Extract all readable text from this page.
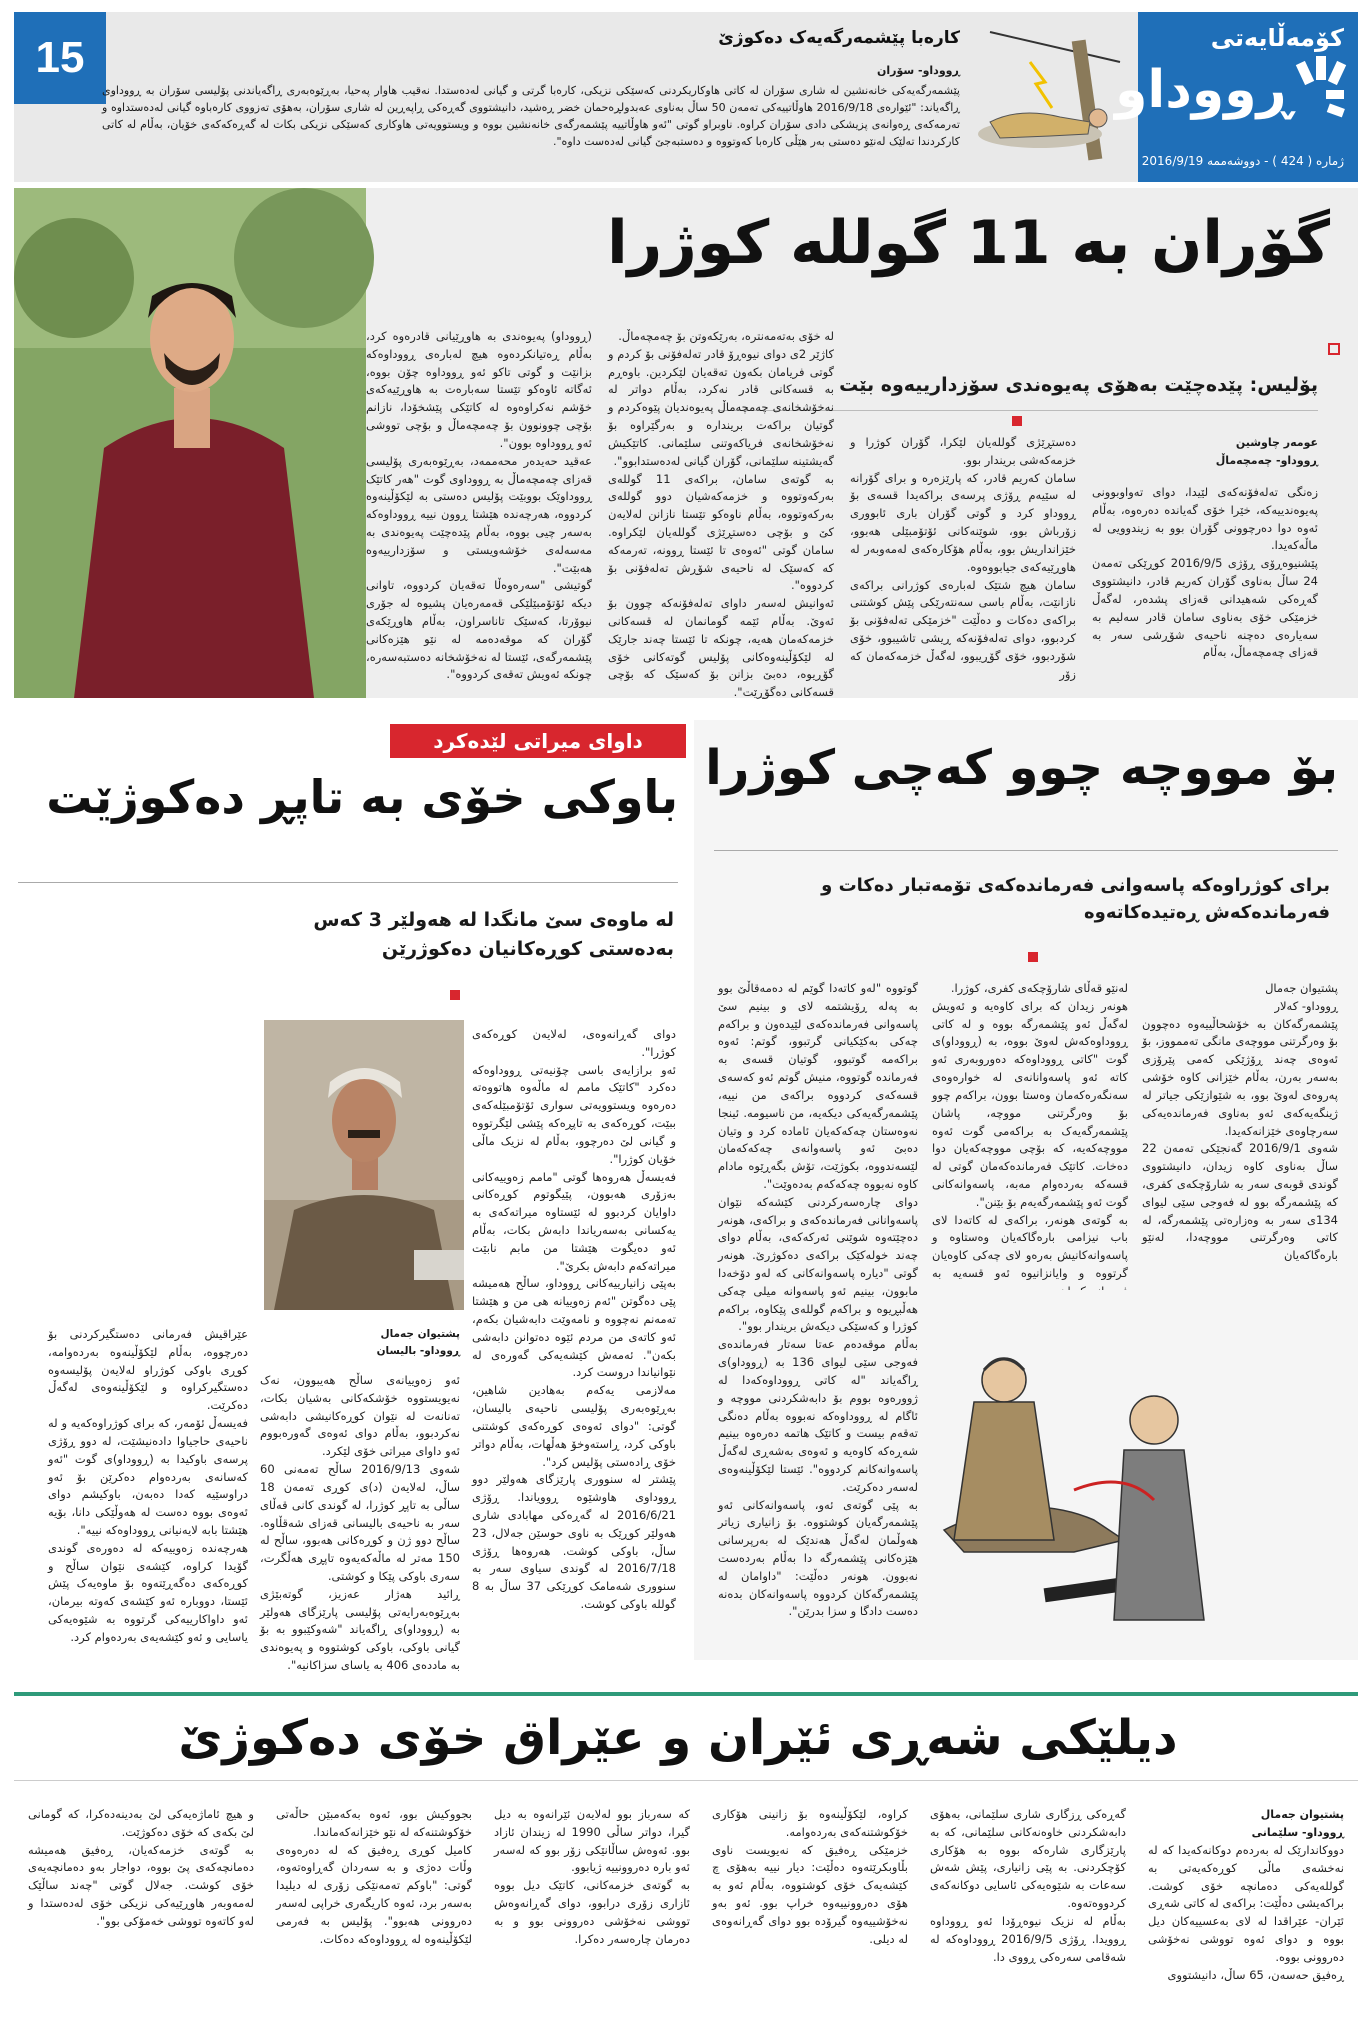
15	کارەبا پێشمەرگەیەک دەکوژێ
ڕووداو- سۆران
پێشمەرگەیەکی خانەنشین لە شاری سۆران لە کاتی هاوکاریکردنی کەسێکی نزیکی، کارەبا گرتی و گیانی لەدەستدا. نەقیب هاوار پەحیا، بەڕێوەبەری ڕاگەیاندنی پۆلیسی سۆران بە ڕووداوی ڕاگەیاند: "ئێوارەی 2016/9/18 هاوڵاتییەکی تەمەن 50 ساڵ بەناوی عەبدولڕەحمان خضر ڕەشید، دانیشتووی گەڕەکی ڕاپەڕین لە شاری سۆران، بەهۆی تەزووی کارەباوە گیانی لەدەستداوە و تەرمەکەی ڕەوانەی پزیشکی دادی سۆران کراوە. ناوبراو گوتی "ئەو هاوڵاتییە پێشمەرگەی خانەنشین بووە و ویستوویەتی هاوکاری کەسێکی نزیکی بکات لە گەڕەکەکەی خۆیان، بەڵام لە کاتی کارکردندا تەلێک لەنێو دەستی بەر هێڵی کارەبا کەوتووە و دەستبەجێ گیانی لەدەست داوە".
کۆمەڵایەتی
ڕووداو
ژمارە ( 424 ) - دووشەممە 2016/9/19
گۆران بە 11 گوللە کوژرا
پۆلیس: پێدەچێت بەهۆی پەیوەندی سۆزدارییەوە بێت
عومەر چاوشین
ڕووداو- چەمچەماڵ
زەنگی تەلەفۆنەکەی لێیدا، دوای تەواوبوونی پەیوەندییەکە، خێرا خۆی گەیاندە دەرەوە، بەڵام ئەوە دوا دەرچوونی گۆران بوو بە زیندوویی لە ماڵەکەیدا.
پێشنیوەڕۆی ڕۆژی 2016/9/5 کوڕێکی تەمەن 24 ساڵ بەناوی گۆران کەریم قادر، دانیشتووی گەڕەکی شەهیدانی قەزای پشدەر، لەگەڵ خزمێکی خۆی بەناوی سامان قادر سەلیم بە سەیارەی دەچنە ناحیەی شۆڕشی سەر بە قەزای چەمچەماڵ، بەڵام
دەستڕێژی گوللەیان لێکرا، گۆران کوژرا و خزمەکەشی بریندار بوو.
سامان کەریم قادر، کە پارێزەرە و برای گۆرانە لە سێیەم ڕۆژی پرسەی براکەیدا قسەی بۆ ڕووداو کرد و گوتی گۆران باری ئابووری زۆرباش بوو، شوێنەکانی ئۆتۆمبێلی هەبوو، خێزانداریش بوو، بەڵام هۆکارەکەی لەمەوبەر لە هاوڕێیەکەی جیابووەوە.
سامان هیچ شتێک لەبارەی کوژرانی براکەی نازانێت، بەڵام باسی سەنتەرێکی پێش کوشتنی براکەی دەکات و دەڵێت "خزمێکی تەلەفۆنی بۆ کردبوو، دوای تەلەفۆنەکە ڕیشی تاشیبوو، خۆی شۆردبوو، خۆی گۆڕیبوو، لەگەڵ خزمەکەمان کە زۆر
لە خۆی بەتەمەنترە، بەرێکەوتن بۆ چەمچەماڵ.
کاژێر 2ی دوای نیوەڕۆ قادر تەلەفۆنی بۆ کردم و گوتی فریامان بکەون تەقەیان لێکردین. باوەڕم بە قسەکانی قادر نەکرد، بەڵام دواتر لە نەخۆشخانەی چەمچەماڵ پەیوەندیان پێوەکردم و گوتیان براکەت بریندارە و بەرگێراوە بۆ نەخۆشخانەی فریاکەوتنی سلێمانی. کاتێکیش گەیشتینە سلێمانی، گۆران گیانی لەدەستدابوو".
بە گوتەی سامان، براکەی 11 گوللەی بەرکەوتووە و خزمەکەشیان دوو گوللەی بەرکەوتووە، بەڵام ناوەکو تێستا نازانن لەلایەن کێ و بۆچی دەستڕێژی گوللەیان لێکراوە. سامان گوتی "ئەوەی تا ئێستا ڕوونە، تەرمەکە کە کەسێک لە ناحیەی شۆڕش تەلەفۆنی بۆ کردووە".
ئەوانیش لەسەر داوای تەلەفۆنەکە چوون بۆ ئەوێ. بەڵام ئێمە گومانمان لە قسەکانی خزمەکەمان هەیە، چونکە تا ئێستا چەند جارێک لە لێکۆڵینەوەکانی پۆلیس گوتەکانی خۆی گۆڕیوە، دەبێ بزانن بۆ کەسێک کە بۆچی قسەکانی دەگۆڕێت".
(ڕووداو) پەیوەندی بە هاوڕێیانی قادرەوە کرد، بەڵام ڕەتیانکردەوە هیچ لەبارەی ڕووداوەکە بزانێت و گوتی تاکو ئەو ڕووداوە چۆن بووە، ئەگاتە ئاوەکو تێستا سەبارەت بە هاوڕێیەکەی خۆشم نەکراوەوە لە کاتێکی پێشخۆدا، نازانم بۆچی چوونوون بۆ چەمچەماڵ و بۆچی تووشی ئەو ڕووداوە بوون".
عەقید حەیدەر محەممەد، بەڕێوەبەری پۆلیسی قەزای چەمچەماڵ بە ڕووداوی گوت "هەر کاتێک ڕووداوێک بووبێت پۆلیس دەستی بە لێکۆڵینەوە کردووە، هەرچەندە هێشتا ڕوون نییە ڕووداوەکە بەسەر چیی بووە، بەڵام پێدەچێت پەیوەندی بە مەسەلەی خۆشەویستی و سۆزدارییەوە هەبێت".
گوتیشی "سەرەوەڵا تەقەیان کردووە، تاوانی دیکە ئۆتۆمبێلێکی قەمەرەیان پشیوە لە جۆری نیوۆرتا، کەسێک تاناسراون، بەڵام هاوڕێکەی گۆران کە موقەدەمە لە نێو هێزەکانی پێشمەرگەی، ئێستا لە نەخۆشخانە دەستبەسەرە، چونکە ئەویش تەقەی کردووە".
داوای میراتی لێدەکرد
باوکی خۆی بە تاپڕ دەکوژێت
لە ماوەی سێ مانگدا لە هەولێر 3 کەس بەدەستی کوڕەکانیان دەکوژرێن
پشتیوان جەمال
ڕووداو- بالیسان
ئەو زەوییانەی ساڵح هەیبوون، نەک نەیویستووە خۆشکەکانی بەشیان بکات، تەنانەت لە نێوان کوڕەکانیشی دابەشی نەکردبوو، بەڵام دوای ئەوەی گەورەبووم ئەو داوای میراتی خۆی لێکرد.
شەوی 2016/9/13 ساڵح تەمەنی 60 ساڵ، لەلایەن (د)ی کوڕی تەمەن 18 ساڵی بە تاپڕ کوژرا، لە گوندی کانی قەڵای سەر بە ناحیەی بالیسانی قەزای شەقڵاوە. ساڵح دوو ژن و کوڕەکانی هەبوو، ساڵح لە 150 مەتر لە ماڵەکەیەوە تاپڕی هەڵگرت، سەری باوکی پێکا و کوشتی.
ڕائید هەژار عەزیز، گوتەبێژی بەڕێوەبەرایەتی پۆلیسی پارێزگای هەولێر بە (ڕووداو)ی ڕاگەیاند "شەوکێبوو بە بۆ گیانی باوکی، باوکی کوشتووە و پەیوەندی بە ماددەی 406 بە یاسای سزاکانیە".
عێراقیش فەرمانی دەستگیرکردنی بۆ دەرچووە، بەڵام لێکۆڵینەوە بەردەوامە، کوڕی باوکی کوژراو لەلایەن پۆلیسەوە دەستگیرکراوە و لێکۆڵینەوەی لەگەڵ دەکرێت.
فەیسەڵ ئۆمەر، کە برای کوژراوەکەیە و لە ناحیەی حاجیاوا دادەنیشێت، لە دوو ڕۆژی پرسەی باوکیدا بە (ڕووداو)ی گوت "ئەو کەسانەی بەردەوام دەکرێن بۆ ئەو دراوسێیە کەدا دەبەن، باوکیشم دوای ئەوەی بووە دەست لە هەوڵێکی دانا، بۆیە هێشتا بابە لایەنیانی ڕووداوەکە نییە".
هەرچەندە زەوییەکە لە دەورەی گوندی گۆیدا کراوە، کێشەی نێوان ساڵح و کوڕەکەی دەگەڕێتەوە بۆ ماوەیەک پێش ئێستا، دووبارە ئەو کێشەی کەوتە بیرمان، ئەو داواکارییەکی گرتووە بە شێوەیەکی یاسایی و ئەو کێشەیەی بەردەوام کرد.
دوای گەڕانەوەی، لەلایەن کوڕەکەی کوژرا".
ئەو برازایەی باسی چۆنیەتی ڕووداوەکە دەکرد "کاتێک مامم لە ماڵەوە هاتووەتە دەرەوە ویستوویەتی سواری ئۆتۆمبێلەکەی ببێت، کوڕەکەی بە تاپڕەکە پێشی لێگرتووە و گیانی لێ دەرچوو، بەڵام لە نزیک ماڵی خۆیان کوژرا".
فەیسەڵ هەروەها گوتی "مامم زەوییەکانی بەزۆری هەبوون، پێیگوتوم کوڕەکانی داوایان کردبوو لە ئێستاوە میراتەکەی بە یەکسانی بەسەریاندا دابەش بکات، بەڵام ئەو دەیگوت هێشتا من مابم نابێت میراتەکەم دابەش بکرێ".
بەپێی زانیارییەکانی ڕووداو، ساڵح هەمیشە پێی دەگوتن "ئەم زەوییانە هی من و هێشتا تەمەنم نەچووە و نامەوێت دابەشیان بکەم، ئەو کاتەی من مردم ئێوە دەتوانن دابەشی بکەن". ئەمەش کێشەیەکی گەورەی لە نێوانیاندا دروست کرد.
مەلازمی یەکەم بەهادین شاهین، بەڕێوەبەری پۆلیسی ناحیەی بالیسان، گوتی: "دوای ئەوەی کوڕەکەی کوشتنی باوکی کرد، ڕاستەوخۆ هەڵهات، بەڵام دواتر خۆی ڕادەستی پۆلیس کرد".
پێشتر لە سنووری پارێزگای هەولێر دوو ڕووداوی هاوشێوە ڕوویاندا. ڕۆژی 2016/6/21 لە گەڕەکی مهابادی شاری هەولێر کوڕێک بە ناوی حوسێن جەلال، 23 ساڵ، باوکی کوشت. هەروەها ڕۆژی 2016/7/18 لە گوندی سیاوی سەر بە سنووری شەمامک کوڕێکی 37 ساڵ بە 8 گوللە باوکی کوشت.
بۆ مووچە چوو کەچی کوژرا
برای کوژراوەکە پاسەوانی فەرماندەکەی تۆمەتبار دەکات و فەرماندەکەش ڕەتیدەکاتەوە
پشتیوان جەمال
ڕووداو- کەلار
پێشمەرگەکان بە خۆشحاڵییەوە دەچوون بۆ وەرگرتنی مووچەی مانگی تەممووز، بۆ ئەوەی چەند ڕۆژێکی کەمی پێرۆزی بەسەر بەرن، بەڵام خێزانی کاوە خۆشی پەروەی لەوێ بوو، بە شێوازێکی جیاتر لە ژینگەیەکەی ئەو بەناوی فەرماندەیەکی سەرچاوەی خێزانەکەیدا.
شەوی 2016/9/1 گەنجێکی تەمەن 22 ساڵ بەناوی کاوە زیدان، دانیشتووی گوندی قوبەی سەر بە شارۆچکەی کفری، کە پێشمەرگە بوو لە فەوجی سێی لیوای 134ی سەر بە وەزارەتی پێشمەرگە، لە کاتی وەرگرتنی مووچەدا، لەنێو بارەگاکەیان
لەنێو قەڵای شارۆچکەی کفری، کوژرا.
هونەر زیدان کە برای کاوەیە و ئەویش لەگەڵ ئەو پێشمەرگە بووە و لە کاتی ڕووداوەکەش لەوێ بووە، بە (ڕووداو)ی گوت "کاتی ڕووداوەکە دەوروبەری ئەو کاتە ئەو پاسەوانانەی لە خوارەوەی سەنگەرەکەمان وەستا بوون، براکەم چوو بۆ وەرگرتنی مووچە، پاشان پێشمەرگەیەک بە براکەمی گوت ئەوە مووچەکەیە، کە بۆچی مووچەکەیان دوا دەخات. کاتێک فەرماندەکەمان گوتی لە قسەکە بەردەوام مەبە، پاسەوانەکانی گوت ئەو پێشمەرگەیەم بۆ بێنن".
بە گوتەی هونەر، براکەی لە کاتەدا لای باب نیزامی بارەگاکەیان وەستاوە و پاسەوانەکانیش بەرەو لای چەکی کاوەیان گرتووە و وایانزانیوە ئەو قسەیە بە
گوتووە "لەو کاتەدا گوێم لە دەمەقاڵێ بوو بە پەلە ڕۆیشتمە لای و بینیم سێ پاسەوانی فەرماندەکەی لێیدەون و براکەم چەکی بەکێکیانی گرتبوو، گوتم: ئەوە براکەمە گوتبوو، گوتیان قسەی بە فەرماندە گوتووە، منیش گوتم ئەو کەسەی قسەکەی کردووە براکەی من نییە، پێشمەرگەیەکی دیکەیە، من ناسیومە. ئینجا نەوەستان چەکەکەیان ئامادە کرد و وتیان دەبێ ئەو پاسەوانەی چەکەکەمان لێسەندووە، بکوژێت، تۆش بگەڕێوە مادام کاوە نەبووە چەکەکەم بەدەوێت".
دوای چارەسەرکردنی کێشەکە نێوان پاسەوانانی فەرماندەکەی و براکەی، هونەر دەچێتەوە شوێنی ئەرکەکەی، بەڵام دوای چەند خولەکێک براکەی دەکوژرێ. هونەر گوتی "دیارە پاسەوانەکانی کە لەو دۆخەدا مابوون، بینیم ئەو پاسەوانە میلی چەکی هەڵبڕیوە و براکەم گوللەی پێکاوە، براکەم کوژرا و کەسێکی دیکەش بریندار بوو".
بەڵام موقەدەم عەتا سەتار فەرماندەی فەوجی سێی لیوای 136 بە (ڕووداو)ی ڕاگەیاند "لە کاتی ڕووداوەکەدا لە ژوورەوە بووم بۆ دابەشکردنی مووچە و ئاگام لە ڕووداوەکە نەبووە بەڵام دەنگی تەقەم بیست و کاتێک هاتمە دەرەوە بینیم شەڕەکە کاوەیە و ئەوەی بەشەڕی لەگەڵ پاسەوانەکانم کردووە". ئێستا لێکۆڵینەوەی لەسەر دەکرێت.
بە پێی گوتەی ئەو، پاسەوانەکانی ئەو پێشمەرگەیان کوشتووە. بۆ زانیاری زیاتر هەوڵمان لەگەڵ هەندێک لە بەرپرسانی هێزەکانی پێشمەرگە دا بەڵام بەردەست نەبوون. هونەر دەڵێت: "داوامان لە پێشمەرگەکان کردووە پاسەوانەکان بدەنە دەست دادگا و سزا بدرێن".
دیلێکی شەڕی ئێران و عێراق خۆی دەکوژێ
پشتیوان جەمال
ڕووداو- سلێمانی
دووکاندارێک لە بەردەم دوکانەکەیدا کە لە نەخشەی ماڵی کوڕەکەیەتی بە گوللەیەکی دەمانچە خۆی کوشت. براکەیشی دەڵێت: براکەی لە کاتی شەڕی ئێران- عێراقدا لە لای بەعسییەکان دیل بووە و دوای ئەوە تووشی نەخۆشی دەروونی بووە.
ڕەفیق حەسەن، 65 ساڵ، دانیشتووی
گەڕەکی ڕزگاری شاری سلێمانی، بەهۆی دابەشکردنی خاوەنەکانی سلێمانی، کە بە پارێزگاری شارەکە بووە بە هۆکاری کۆچکردنی. بە پێی زانیاری، پێش شەش سەعات بە شێوەیەکی ئاسایی دوکانەکەی کردووەتەوە.
بەڵام لە نزیک نیوەڕۆدا ئەو ڕووداوە ڕوویدا. ڕۆژی 2016/9/5 ڕووداوەکە لە شەقامی سەرەکی ڕووی دا.
کراوە، لێکۆڵینەوە بۆ زانینی هۆکاری خۆکوشتنەکەی بەردەوامە.
خزمێکی ڕەفیق کە نەیویست ناوی بڵاوبکرێتەوە دەڵێت: دیار نییە بەهۆی چ کێشەیەک خۆی کوشتووە، بەڵام ئەو بە هۆی دەروونییەوە خراپ بوو. ئەو بەو نەخۆشییەوە گیرۆدە بوو دوای گەڕانەوەی لە دیلی.
کە سەرباز بوو لەلایەن ئێرانەوە بە دیل گیرا، دواتر ساڵی 1990 لە زیندان ئازاد بوو. ئەوەش ساڵانێکی زۆر بوو کە لەسەر ئەو بارە دەروونییە ژیابوو.
بە گوتەی خزمەکانی، کاتێک دیل بووە ئازاری زۆری درابوو، دوای گەڕانەوەش تووشی نەخۆشی دەروونی بوو و بە دەرمان چارەسەر دەکرا.
بجووکیش بوو، ئەوە بەکەمبێن حاڵەتی خۆکوشتنەکە لە نێو خێزانەکەماندا.
کامیل کوڕی ڕەفیق کە لە دەرەوەی وڵات دەژی و بە سەردان گەڕاوەتەوە، گوتی: "باوکم تەمەنێکی زۆری لە دیلیدا بەسەر برد، ئەوە کاریگەری خراپی لەسەر دەروونی هەبوو". پۆلیس بە فەرمی لێکۆڵینەوە لە ڕووداوەکە دەکات.
و هیچ ئاماژەیەکی لێ بەدینەدەکرا، کە گومانی لێ بکەی کە خۆی دەکوژێت.
بە گوتەی خزمەکەیان، ڕەفیق هەمیشە دەمانچەکەی پێ بووە، دواجار بەو دەمانچەیەی خۆی کوشت. جەلال گوتی "چەند ساڵێک لەمەوبەر هاوڕێیەکی نزیکی خۆی لەدەستدا و لەو کاتەوە تووشی خەمۆکی بوو".
